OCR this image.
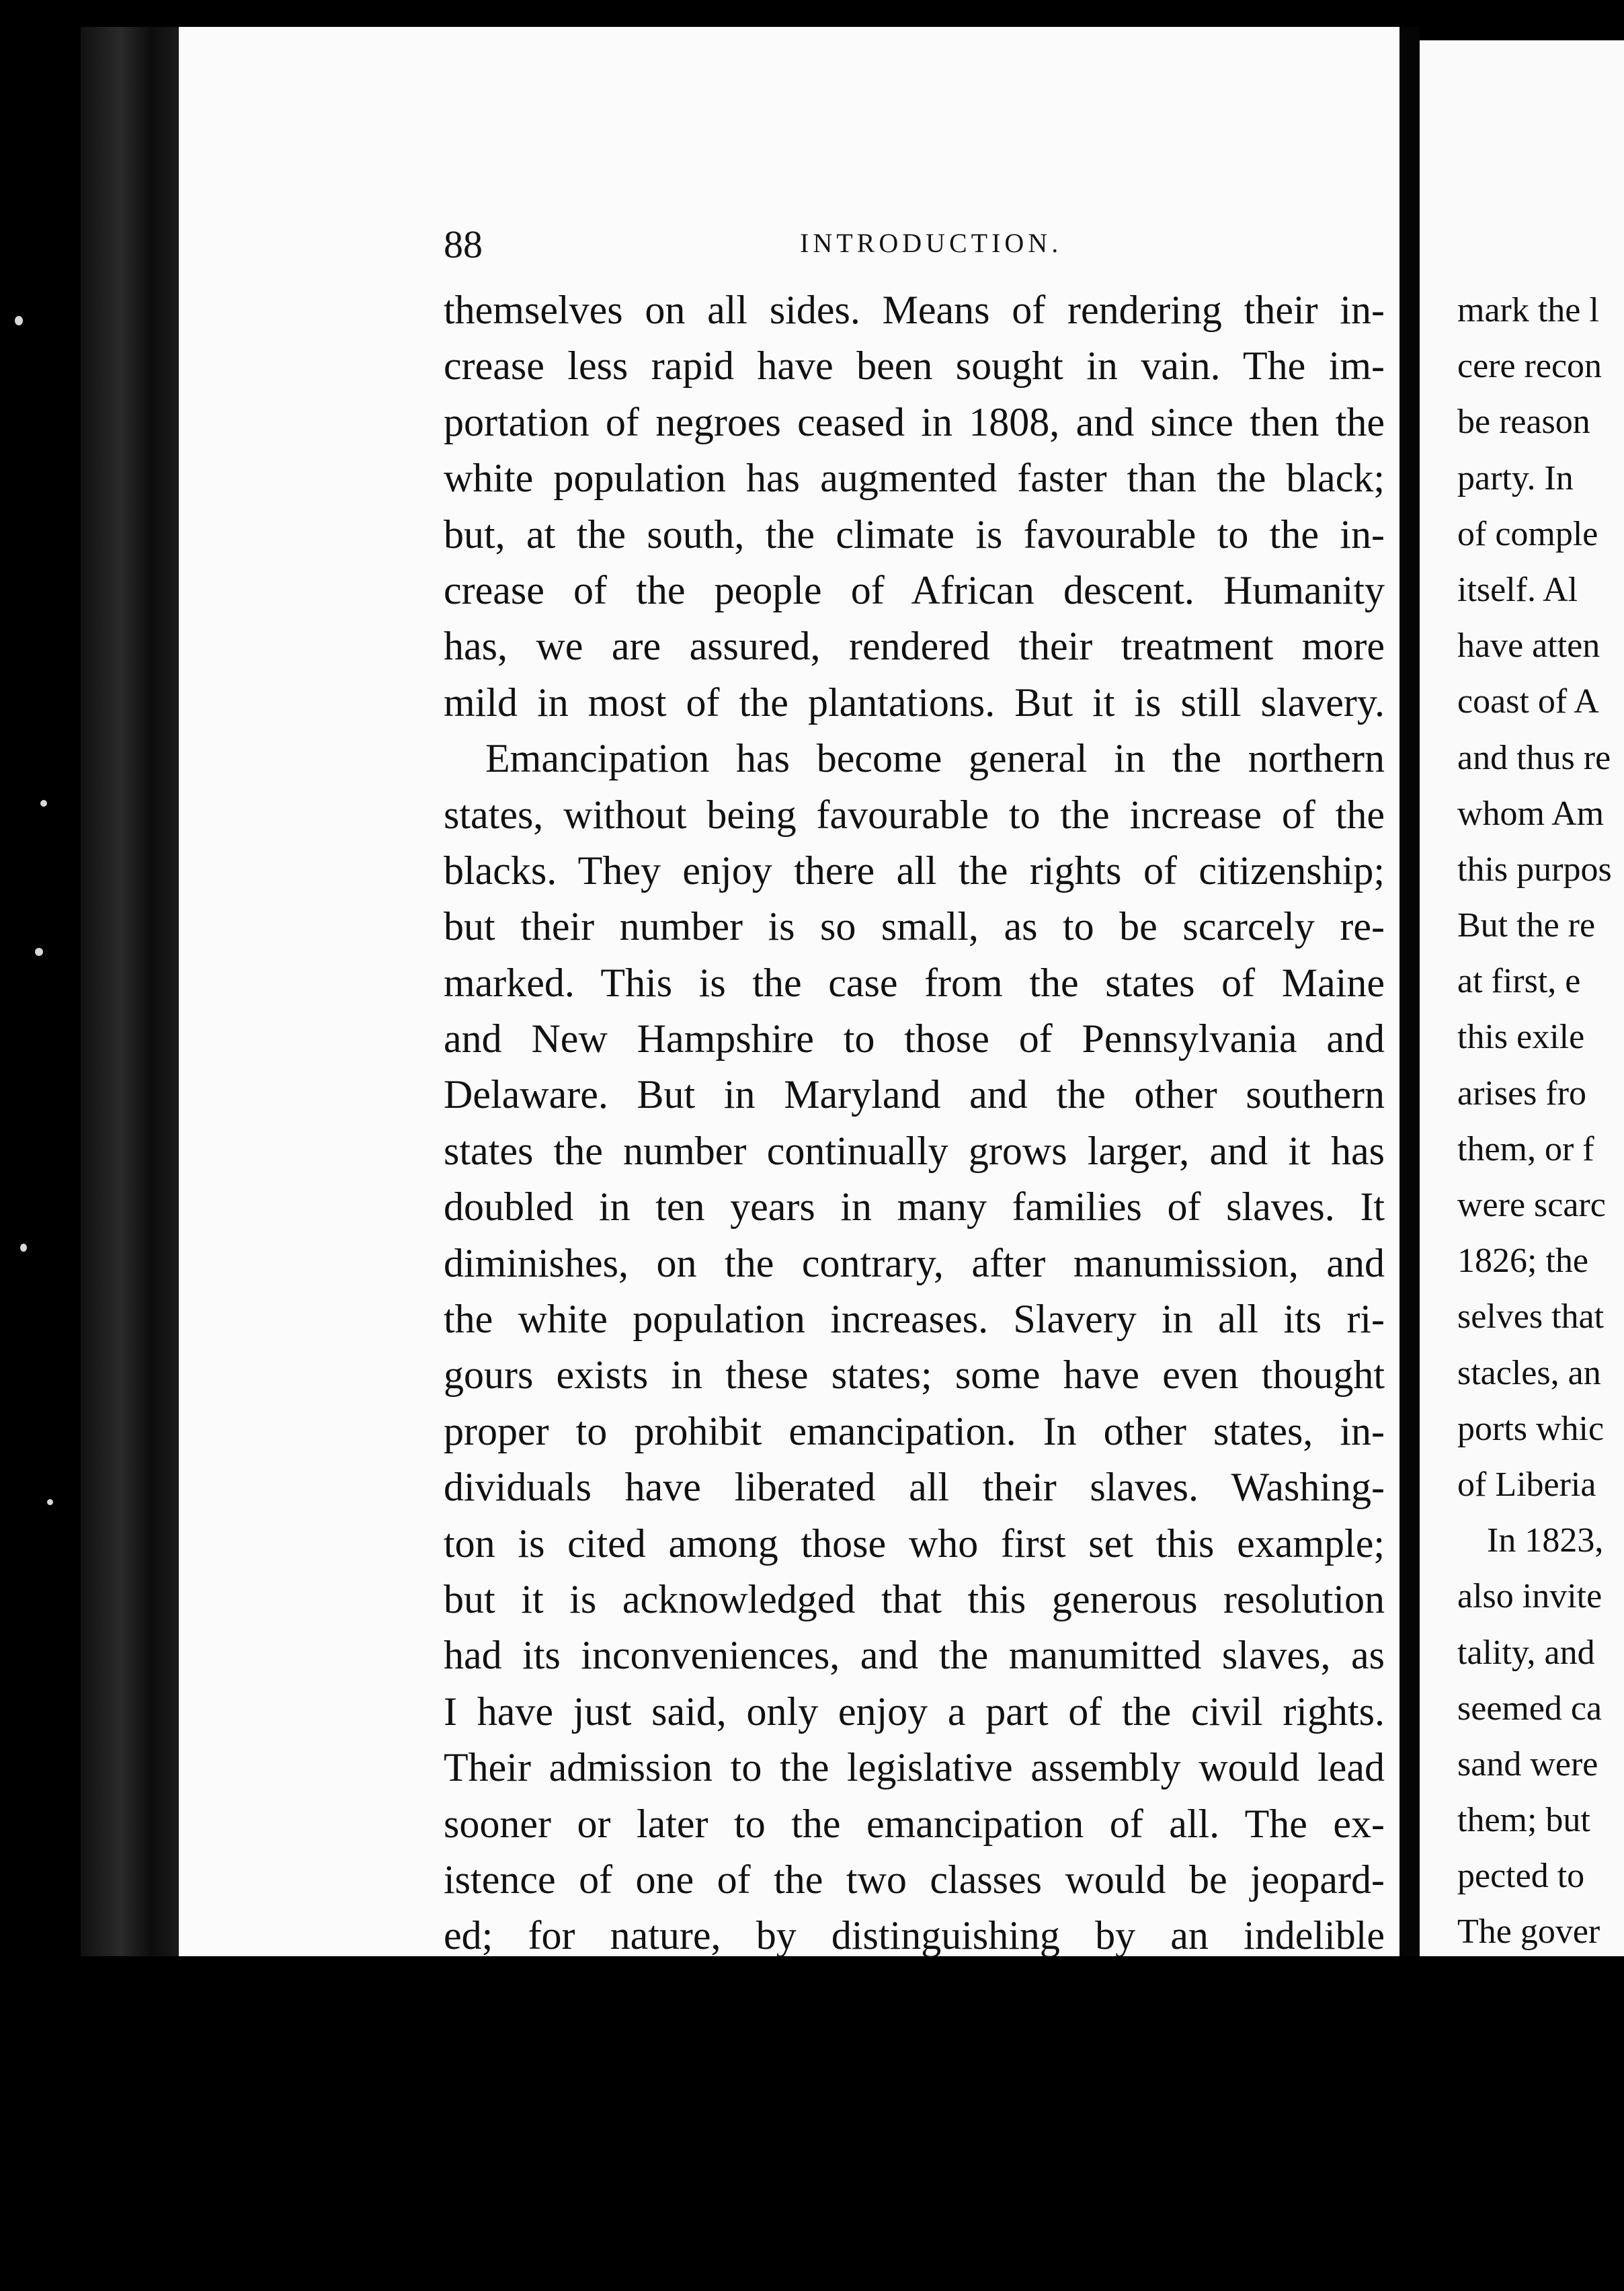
88	INTRODUCTION.
themselves on all sides. Means of rendering their in-
crease less rapid have been sought in vain. The im-
portation of negroes ceased in 1808, and since then the
white population has augmented faster than the black;
but, at the south, the climate is favourable to the in-
crease of the people of African descent. Humanity
has, we are assured, rendered their treatment more
mild in most of the plantations. But it is still slavery.
Emancipation has become general in the northern
states, without being favourable to the increase of the
blacks. They enjoy there all the rights of citizenship;
but their number is so small, as to be scarcely re-
marked. This is the case from the states of Maine
and New Hampshire to those of Pennsylvania and
Delaware. But in Maryland and the other southern
states the number continually grows larger, and it has
doubled in ten years in many families of slaves. It
diminishes, on the contrary, after manumission, and
the white population increases. Slavery in all its ri-
gours exists in these states; some have even thought
proper to prohibit emancipation. In other states, in-
dividuals have liberated all their slaves. Washing-
ton is cited among those who first set this example;
but it is acknowledged that this generous resolution
had its inconveniences, and the manumitted slaves, as
I have just said, only enjoy a part of the civil rights.
Their admission to the legislative assembly would lead
sooner or later to the emancipation of all. The ex-
istence of one of the two classes would be jeopard-
ed; for nature, by distinguishing by an indelible
mark the l
cere recon
be reason
party. In
of comple
itself. Al
have atten
coast of A
and thus re
whom Am
this purpos
But the re
at first, e
this exile
arises fro
them, or f
were scarc
1826; the
selves that
stacles, an
ports whic
of Liberia
In 1823,
also invite
tality, and
seemed ca
sand were
them; but
pected to
The gover
